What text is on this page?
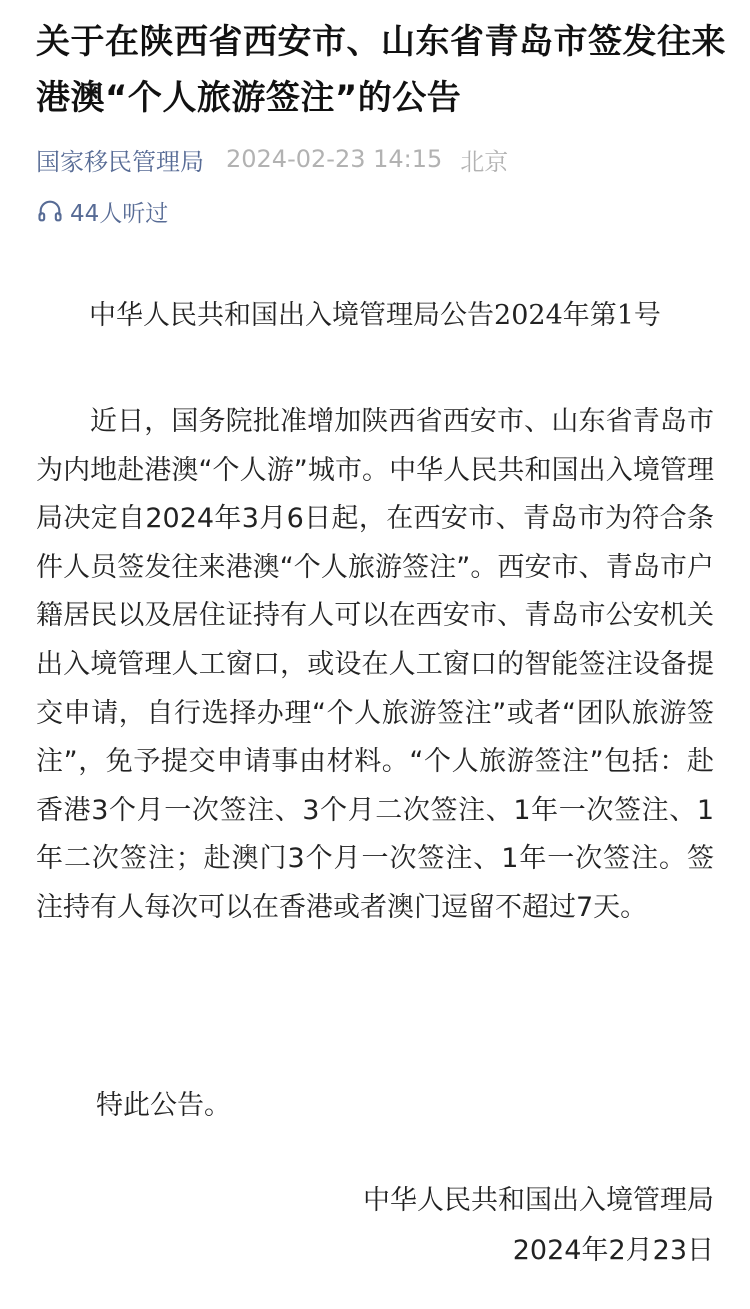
关于在陕西省西安市、山东省青岛市签发往来港澳“个人旅游签注”的公告
国家移民管理局 2024-02-23 14:15 北京
44人听过
中华人民共和国出入境管理局公告2024年第1号

近日，国务院批准增加陕西省西安市、山东省青岛市为内地赴港澳“个人游”城市。中华人民共和国出入境管理局决定自2024年3月6日起，在西安市、青岛市为符合条件人员签发往来港澳“个人旅游签注”。西安市、青岛市户籍居民以及居住证持有人可以在西安市、青岛市公安机关出入境管理人工窗口，或设在人工窗口的智能签注设备提交申请，自行选择办理“个人旅游签注”或者“团队旅游签注”，免予提交申请事由材料。“个人旅游签注”包括：赴香港3个月一次签注、3个月二次签注、1年一次签注、1年二次签注；赴澳门3个月一次签注、1年一次签注。签注持有人每次可以在香港或者澳门逗留不超过7天。

特此公告。

中华人民共和国出入境管理局

2024年2月23日
